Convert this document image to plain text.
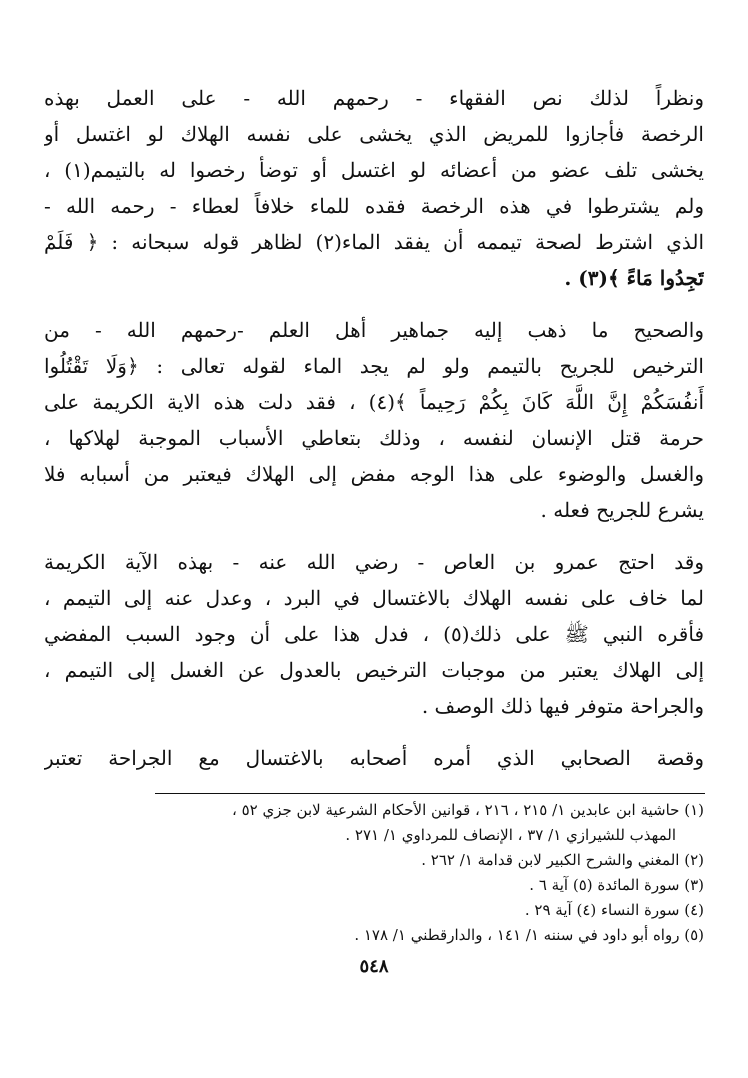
ونظراً لذلك نص الفقهاء - رحمهم الله - على العمل بهذه
الرخصة فأجازوا للمريض الذي يخشى على نفسه الهلاك لو اغتسل أو
يخشى تلف عضو من أعضائه لو اغتسل أو توضأ رخصوا له بالتيمم(١) ،
ولم يشترطوا في هذه الرخصة فقده للماء خلافاً لعطاء - رحمه الله -
الذي اشترط لصحة تيممه أن يفقد الماء(٢) لظاهر قوله سبحانه : ﴿ فَلَمْ
تَجِدُوا مَاءً ﴾(٣) .

والصحيح ما ذهب إليه جماهير أهل العلم -رحمهم الله - من
الترخيص للجريح بالتيمم ولو لم يجد الماء لقوله تعالى : ﴿وَلَا تَقْتُلُوا
أَنفُسَكُمْ إِنَّ اللَّهَ كَانَ بِكُمْ رَحِيماً ﴾(٤) ، فقد دلت هذه الاية الكريمة على
حرمة قتل الإنسان لنفسه ، وذلك بتعاطي الأسباب الموجبة لهلاكها ،
والغسل والوضوء على هذا الوجه مفض إلى الهلاك فيعتبر من أسبابه فلا
يشرع للجريح فعله .

وقد احتج عمرو بن العاص - رضي الله عنه - بهذه الآية الكريمة
لما خاف على نفسه الهلاك بالاغتسال في البرد ، وعدل عنه إلى التيمم ،
فأقره النبي ﷺ على ذلك(٥) ، فدل هذا على أن وجود السبب المفضي
إلى الهلاك يعتبر من موجبات الترخيص بالعدول عن الغسل إلى التيمم ،
والجراحة متوفر فيها ذلك الوصف .

وقصة الصحابي الذي أمره أصحابه بالاغتسال مع الجراحة تعتبر

(١) حاشية ابن عابدين ١/ ٢١٥ ، ٢١٦ ، قوانين الأحكام الشرعية لابن جزي ٥٢ ،
المهذب للشيرازي ١/ ٣٧ ، الإنصاف للمرداوي ١/ ٢٧١ .
(٢) المغني والشرح الكبير لابن قدامة ١/ ٢٦٢ .
(٣) سورة المائدة (٥) آية ٦ .
(٤) سورة النساء (٤) آية ٢٩ .
(٥) رواه أبو داود في سننه ١/ ١٤١ ، والدارقطني ١/ ١٧٨ .
٥٤٨
